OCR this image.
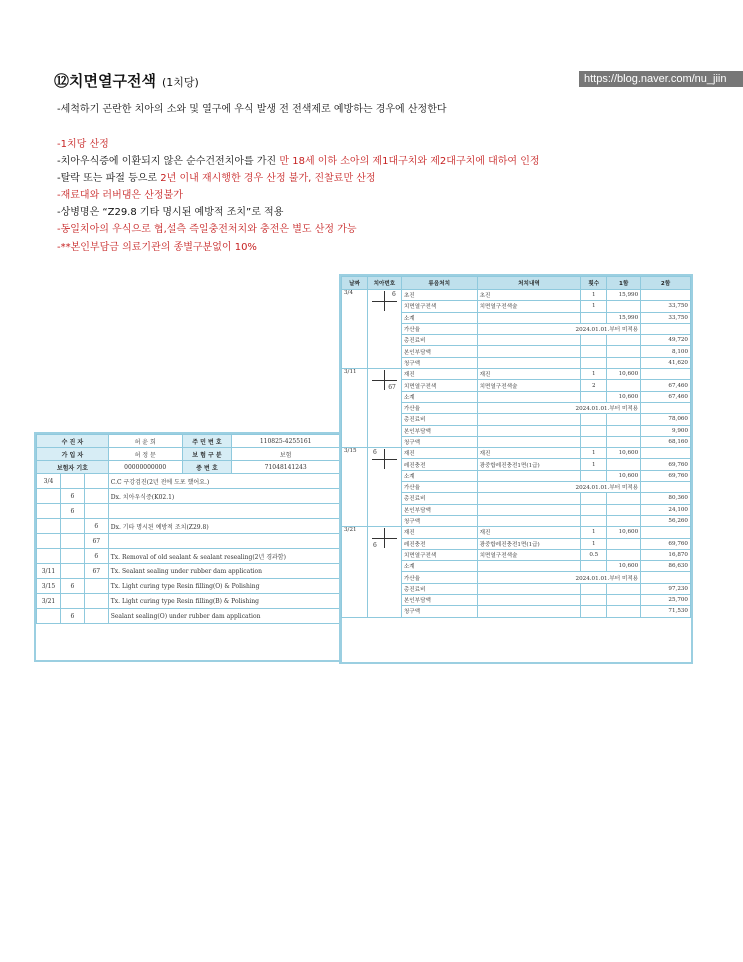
⑫치면열구전색 (1치당)	https://blog.naver.com/nu_jiin
-세척하기 곤란한 치아의 소와 및 열구에 우식 발생 전 전색제로 예방하는 경우에 산정한다
-1치당 산정
-치아우식증에 이환되지 않은 순수건전치아를 가진 만 18세 이하 소아의 제1대구치와 제2대구치에 대하여 인정
-탈락 또는 파절 등으로 2년 이내 재시행한 경우 산정 불가, 진찰료만 산정
-재료대와 러버댐은 산정불가
-상병명은 “Z29.8 기타 명시된 예방적 조치”로 적용
-동일치아의 우식으로 협,설측 즉일충전처치와 충전은 별도 산정 가능
-**본인부담금 의료기관의 종별구분없이 10%
수 진 자			허 윤 희	주 민 번 호	110825-4255161
가 입 자			허 정 문	보 험 구 분	보험
보험자 기호			00000000000	증 번 호	71048141243
3/4			C.C 구강검진(2년 전에 도포 했어요.)		
	6		Dx. 치아우식증(K02.1)		
	6				
		6	Dx. 기타 명시된 예방적 조치(Z29.8)		
		67			
		6	Tx. Removal of old sealant & sealant resealing(2년 경과함)		
3/11		67	Tx. Sealant sealing under rubber dam application		
3/15	6		Tx. Light curing type Resin filling(O) & Polishing		
3/21			Tx. Light curing type Resin filling(B) & Polishing		
	6		Sealant sealing(O) under rubber dam application		
날짜	치아번호	류음처치	처치내역	횟수	1함	2함
3/4	6	초진	초진	1	15,990	
		치면열구전색	치면열구전색술	1		33,750
		소계			15,990	33,750
		가산율	2024.01.01.부터 미적용			
		총진료비				49,720
		본인부담액				8,100
		청구액				41,620
3/11	67	재진	재진	1	10,600	
		치면열구전색	치면열구전색술	2		67,460
		소계			10,600	67,460
		가산율	2024.01.01.부터 미적용			
		총진료비				78,060
		본인부담액				9,900
		청구액				68,160
3/15	6	재진	재진	1	10,600	
		레진충전	광중합레진충전1면(1급)	1		69,760
		소계			10,600	69,760
		가산율	2024.01.01.부터 미적용			
		총진료비				80,360
		본인부담액				24,100
		청구액				56,260
3/21	6	재진	재진	1	10,600	
		레진충전	광중합레진충전1면(1급)	1		69,760
		치면열구전색	치면열구전색술	0.5		16,870
		소계			10,600	86,630
		가산율	2024.01.01.부터 미적용			
		총진료비				97,230
		본인부담액				25,700
		청구액				71,530
